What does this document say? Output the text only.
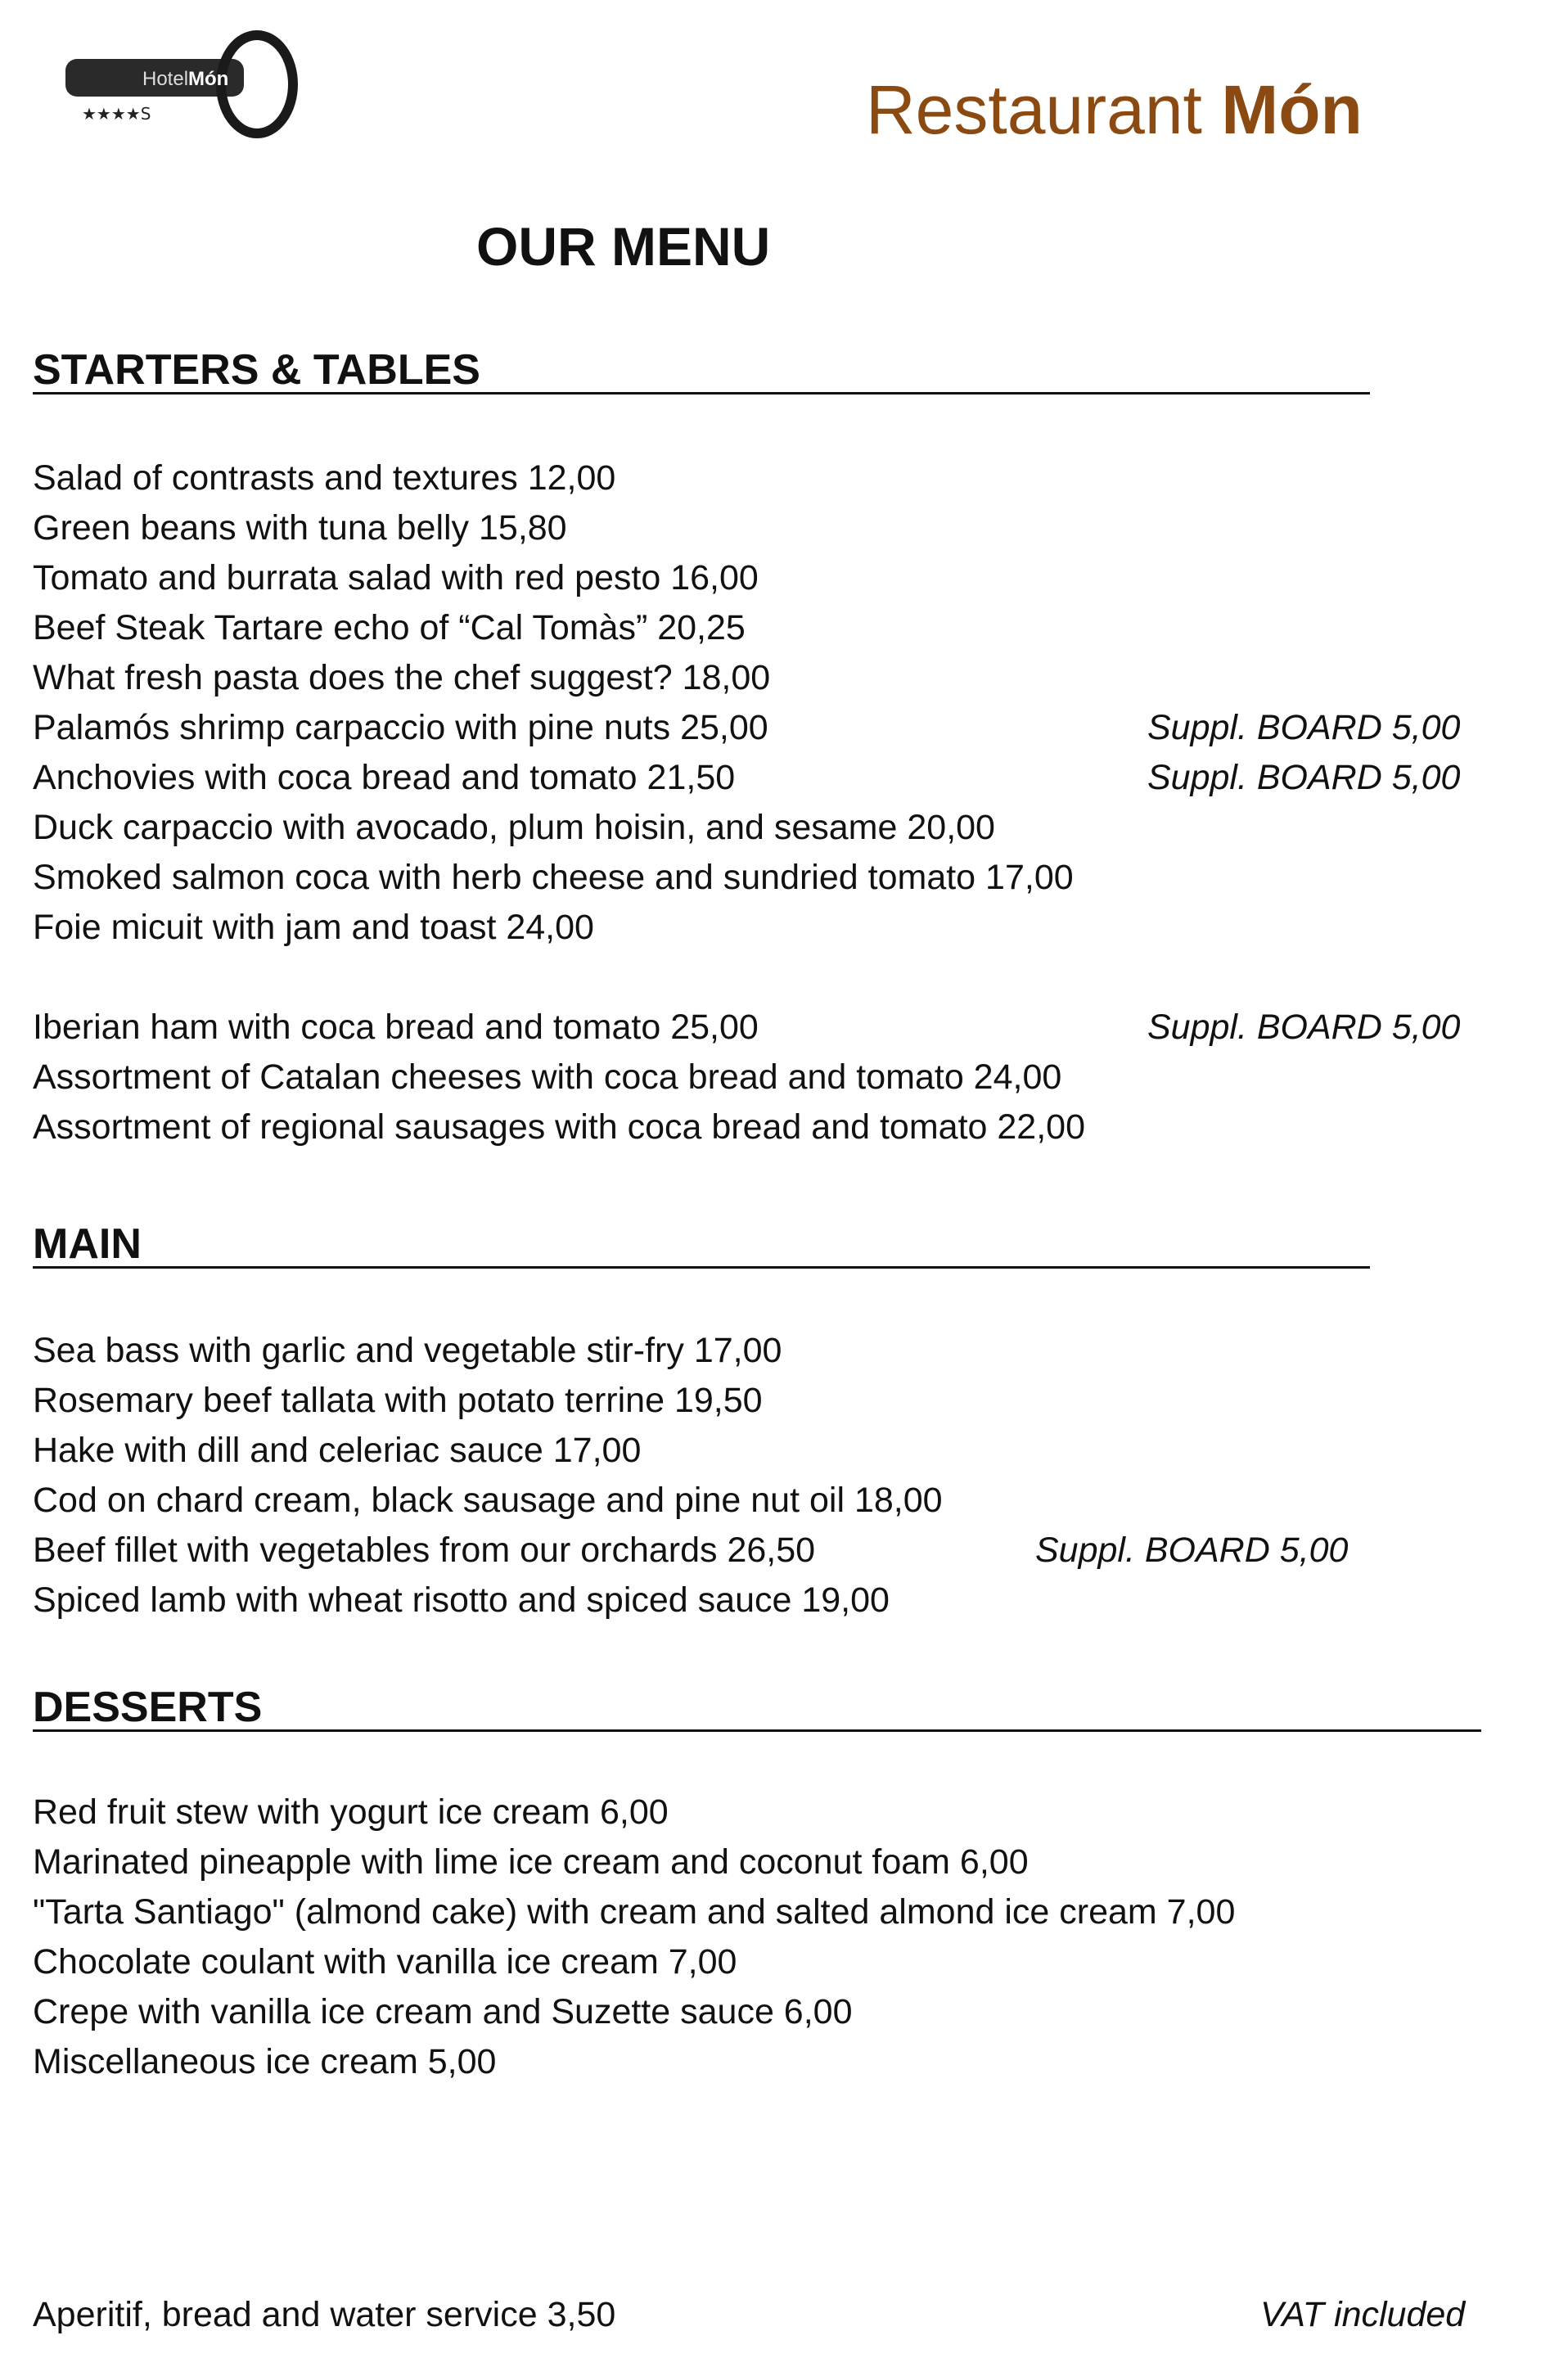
HotelMón
★★★★S	Restaurant Món
OUR MENU
STARTERS & TABLES
Salad of contrasts and textures 12,00
Green beans with tuna belly 15,80
Tomato and burrata salad with red pesto 16,00
Beef Steak Tartare echo of “Cal Tomàs” 20,25
What fresh pasta does the chef suggest? 18,00
Palamós shrimp carpaccio with pine nuts 25,00	Suppl. BOARD 5,00
Anchovies with coca bread and tomato 21,50	Suppl. BOARD 5,00
Duck carpaccio with avocado, plum hoisin, and sesame 20,00
Smoked salmon coca with herb cheese and sundried tomato 17,00
Foie micuit with jam and toast 24,00
Iberian ham with coca bread and tomato 25,00	Suppl. BOARD 5,00
Assortment of Catalan cheeses with coca bread and tomato 24,00
Assortment of regional sausages with coca bread and tomato 22,00
MAIN
Sea bass with garlic and vegetable stir-fry 17,00
Rosemary beef tallata with potato terrine 19,50
Hake with dill and celeriac sauce 17,00
Cod on chard cream, black sausage and pine nut oil 18,00
Beef fillet with vegetables from our orchards 26,50	Suppl. BOARD 5,00
Spiced lamb with wheat risotto and spiced sauce 19,00
DESSERTS
Red fruit stew with yogurt ice cream 6,00
Marinated pineapple with lime ice cream and coconut foam 6,00
"Tarta Santiago" (almond cake) with cream and salted almond ice cream 7,00
Chocolate coulant with vanilla ice cream 7,00
Crepe with vanilla ice cream and Suzette sauce 6,00
Miscellaneous ice cream 5,00
Aperitif, bread and water service 3,50	VAT included
